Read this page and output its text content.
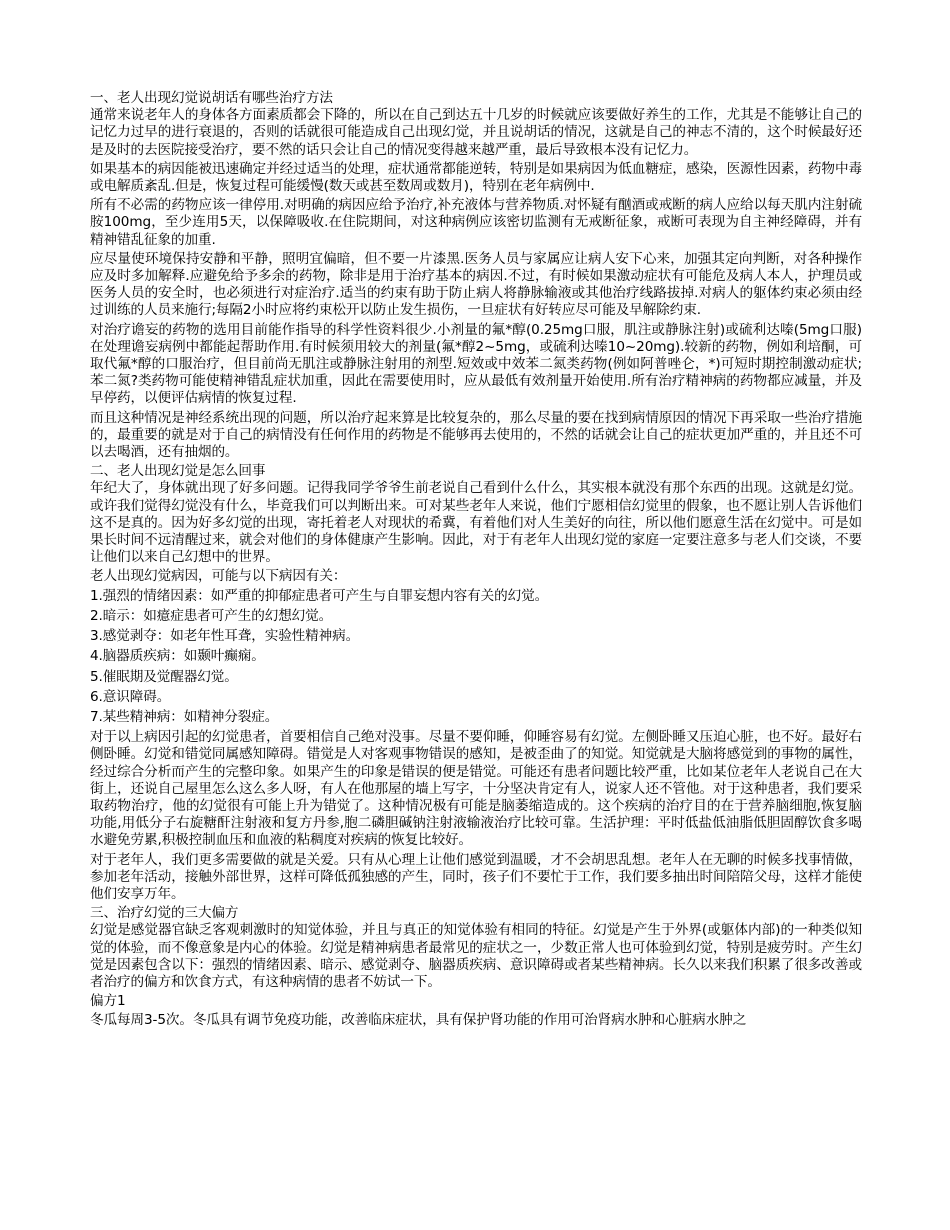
一、老人出现幻觉说胡话有哪些治疗方法

通常来说老年人的身体各方面素质都会下降的，所以在自己到达五十几岁的时候就应该要做好养生的工作，尤其是不能够让自己的记忆力过早的进行衰退的，否则的话就很可能造成自己出现幻觉，并且说胡话的情况，这就是自己的神志不清的，这个时候最好还是及时的去医院接受治疗，要不然的话只会让自己的情况变得越来越严重，最后导致根本没有记忆力。

如果基本的病因能被迅速确定并经过适当的处理，症状通常都能逆转，特别是如果病因为低血糖症，感染，医源性因素，药物中毒或电解质紊乱.但是，恢复过程可能缓慢(数天或甚至数周或数月)，特别在老年病例中.

所有不必需的药物应该一律停用.对明确的病因应给予治疗,补充液体与营养物质.对怀疑有酗酒或戒断的病人应给以每天肌内注射硫胺100mg，至少连用5天，以保障吸收.在住院期间，对这种病例应该密切监测有无戒断征象，戒断可表现为自主神经障碍，并有精神错乱征象的加重.

应尽量使环境保持安静和平静，照明宜偏暗，但不要一片漆黑.医务人员与家属应让病人安下心来，加强其定向判断，对各种操作应及时多加解释.应避免给予多余的药物，除非是用于治疗基本的病因.不过，有时候如果激动症状有可能危及病人本人，护理员或医务人员的安全时，也必须进行对症治疗.适当的约束有助于防止病人将静脉输液或其他治疗线路拔掉.对病人的躯体约束必须由经过训练的人员来施行;每隔2小时应将约束松开以防止发生损伤，一旦症状有好转应尽可能及早解除约束.

对治疗谵妄的药物的选用目前能作指导的科学性资料很少.小剂量的氟*醇(0.25mg口服，肌注或静脉注射)或硫利达嗪(5mg口服)在处理谵妄病例中都能起帮助作用.有时候须用较大的剂量(氟*醇2~5mg，或硫利达嗪10~20mg).较新的药物，例如利培酮，可取代氟*醇的口服治疗，但目前尚无肌注或静脉注射用的剂型.短效或中效苯二氮类药物(例如阿普唑仑，*)可短时期控制激动症状;苯二氮?类药物可能使精神错乱症状加重，因此在需要使用时，应从最低有效剂量开始使用.所有治疗精神病的药物都应减量，并及早停药，以便评估病情的恢复过程.

而且这种情况是神经系统出现的问题，所以治疗起来算是比较复杂的，那么尽量的要在找到病情原因的情况下再采取一些治疗措施的，最重要的就是对于自己的病情没有任何作用的药物是不能够再去使用的，不然的话就会让自己的症状更加严重的，并且还不可以去喝酒，还有抽烟的。

二、老人出现幻觉是怎么回事

年纪大了，身体就出现了好多问题。记得我同学爷爷生前老说自己看到什么什么，其实根本就没有那个东西的出现。这就是幻觉。或许我们觉得幻觉没有什么，毕竟我们可以判断出来。可对某些老年人来说，他们宁愿相信幻觉里的假象，也不愿让别人告诉他们这不是真的。因为好多幻觉的出现，寄托着老人对现状的希冀，有着他们对人生美好的向往，所以他们愿意生活在幻觉中。可是如果长时间不远清醒过来，就会对他们的身体健康产生影响。因此，对于有老年人出现幻觉的家庭一定要注意多与老人们交谈，不要让他们以来自己幻想中的世界。

老人出现幻觉病因，可能与以下病因有关：

1.强烈的情绪因素：如严重的抑郁症患者可产生与自罪妄想内容有关的幻觉。

2.暗示：如癔症患者可产生的幻想幻觉。

3.感觉剥夺：如老年性耳聋，实验性精神病。

4.脑器质疾病：如颞叶癫痫。

5.催眠期及觉醒器幻觉。

6.意识障碍。

7.某些精神病：如精神分裂症。

对于以上病因引起的幻觉患者，首要相信自己绝对没事。尽量不要仰睡，仰睡容易有幻觉。左侧卧睡又压迫心脏，也不好。最好右侧卧睡。幻觉和错觉同属感知障碍。错觉是人对客观事物错误的感知，是被歪曲了的知觉。知觉就是大脑将感觉到的事物的属性，经过综合分析而产生的完整印象。如果产生的印象是错误的便是错觉。可能还有患者问题比较严重，比如某位老年人老说自己在大街上，还说自己屋里怎么这么多人呀，有人在他那屋的墙上写字，十分坚决肯定有人，说家人还不管他。对于这种患者，我们要采取药物治疗，他的幻觉很有可能上升为错觉了。这种情况极有可能是脑萎缩造成的。这个疾病的治疗目的在于营养脑细胞,恢复脑功能,用低分子右旋糖酐注射液和复方丹参,胞二磷胆碱钠注射液输液治疗比较可靠。生活护理：平时低盐低油脂低胆固醇饮食多喝水避免劳累,积极控制血压和血液的粘稠度对疾病的恢复比较好。

对于老年人，我们更多需要做的就是关爱。只有从心理上让他们感觉到温暖，才不会胡思乱想。老年人在无聊的时候多找事情做，参加老年活动，接触外部世界，这样可降低孤独感的产生，同时，孩子们不要忙于工作，我们要多抽出时间陪陪父母，这样才能使他们安享万年。

三、治疗幻觉的三大偏方

幻觉是感觉器官缺乏客观刺激时的知觉体验，并且与真正的知觉体验有相同的特征。幻觉是产生于外界(或躯体内部)的一种类似知觉的体验，而不像意象是内心的体验。幻觉是精神病患者最常见的症状之一，少数正常人也可体验到幻觉，特别是疲劳时。产生幻觉是因素包含以下：强烈的情绪因素、暗示、感觉剥夺、脑器质疾病、意识障碍或者某些精神病。长久以来我们积累了很多改善或者治疗的偏方和饮食方式，有这种病情的患者不妨试一下。

偏方1

冬瓜每周3-5次。冬瓜具有调节免疫功能，改善临床症状，具有保护肾功能的作用可治肾病水肿和心脏病水肿之
